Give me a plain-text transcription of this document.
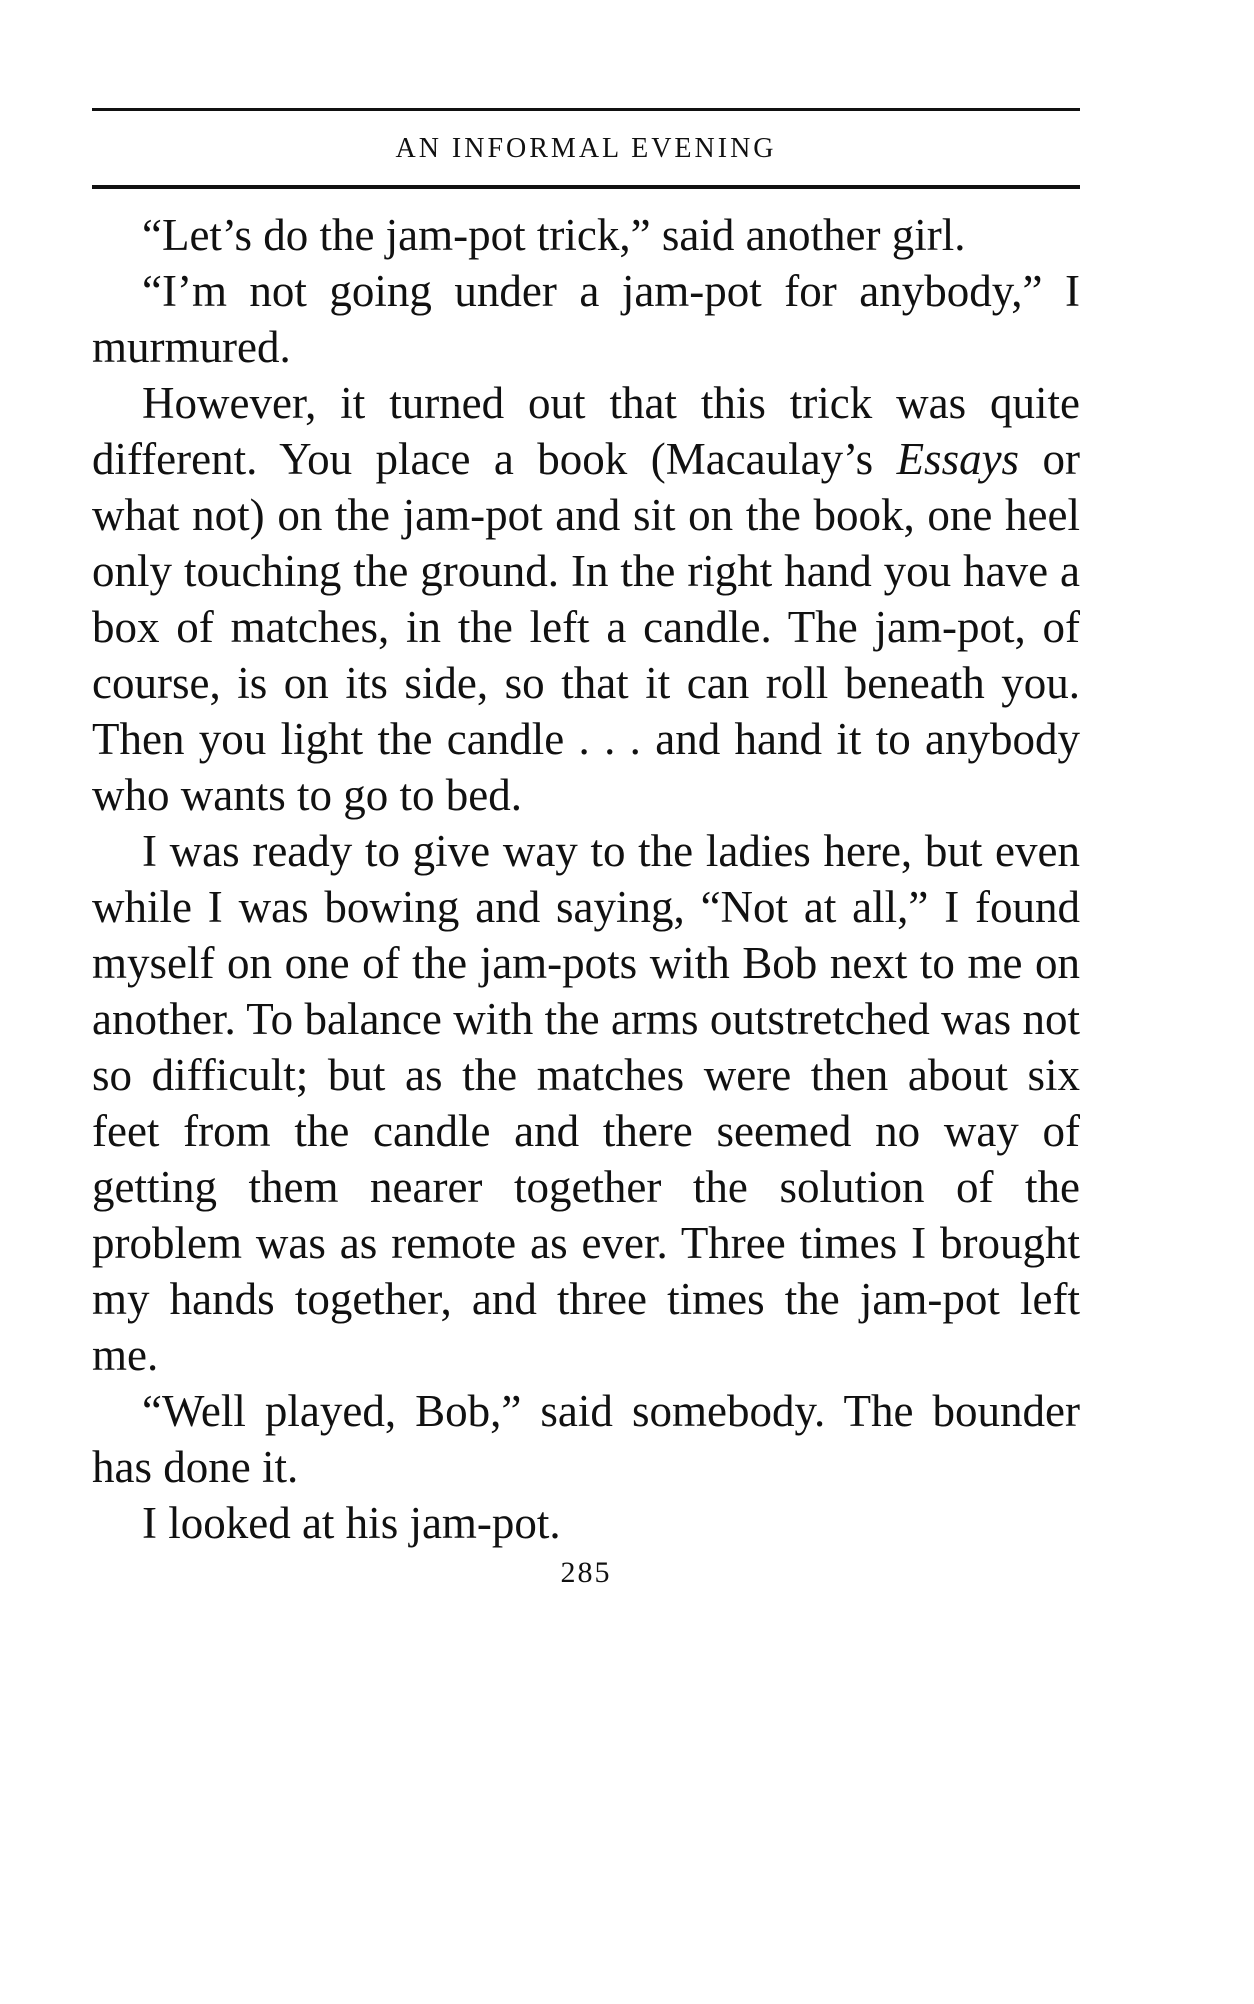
AN INFORMAL EVENING

“Let’s do the jam-pot trick,” said another girl.

“I’m not going under a jam-pot for anybody,” I murmured.

However, it turned out that this trick was quite different. You place a book (Macaulay’s Essays or what not) on the jam-pot and sit on the book, one heel only touching the ground. In the right hand you have a box of matches, in the left a candle. The jam-pot, of course, is on its side, so that it can roll beneath you. Then you light the candle . . . and hand it to anybody who wants to go to bed.

I was ready to give way to the ladies here, but even while I was bowing and saying, “Not at all,” I found myself on one of the jam-pots with Bob next to me on another. To balance with the arms outstretched was not so difficult; but as the matches were then about six feet from the candle and there seemed no way of getting them nearer together the solution of the problem was as remote as ever. Three times I brought my hands together, and three times the jam-pot left me.

“Well played, Bob,” said somebody. The bounder has done it.

I looked at his jam-pot.

285
